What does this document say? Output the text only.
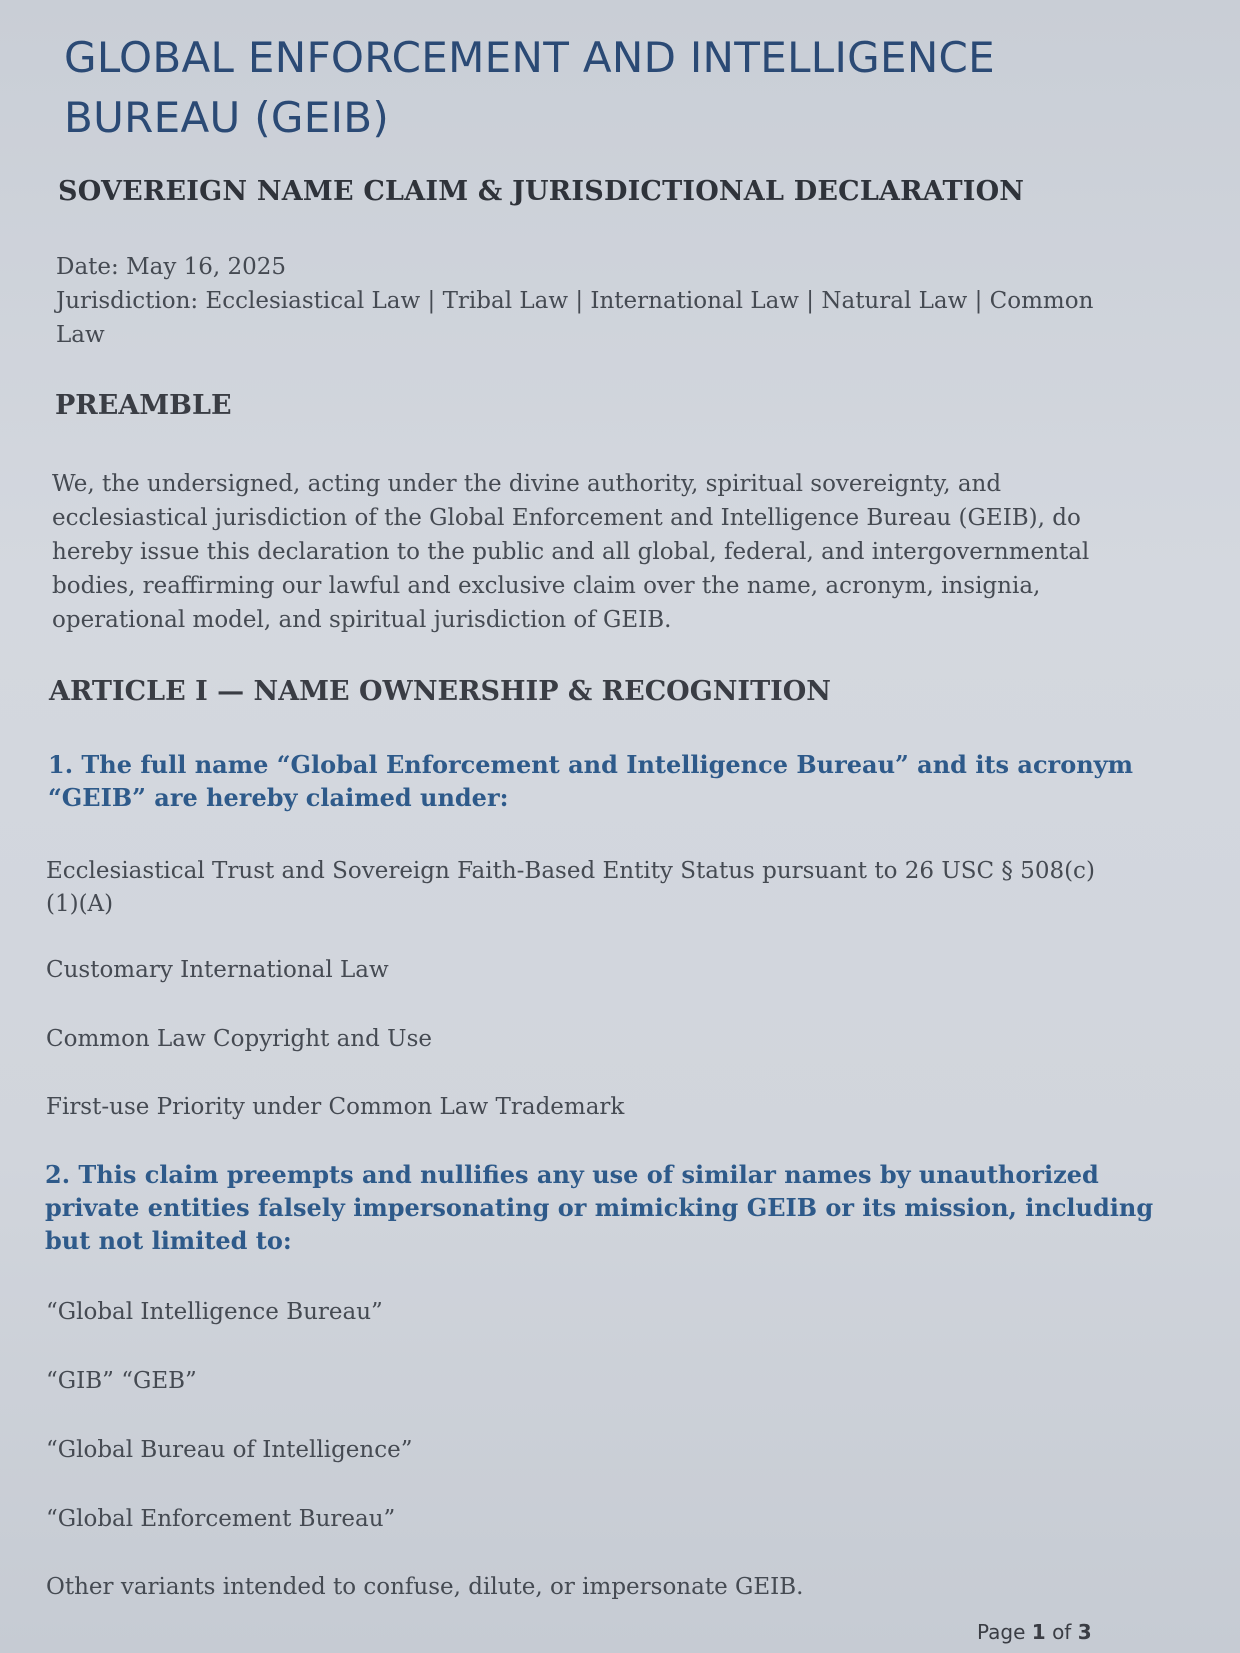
GLOBAL ENFORCEMENT AND INTELLIGENCE BUREAU (GEIB)
SOVEREIGN NAME CLAIM & JURISDICTIONAL DECLARATION
Date: May 16, 2025
Jurisdiction: Ecclesiastical Law | Tribal Law | International Law | Natural Law | Common Law
PREAMBLE

We, the undersigned, acting under the divine authority, spiritual sovereignty, and ecclesiastical jurisdiction of the Global Enforcement and Intelligence Bureau (GEIB), do hereby issue this declaration to the public and all global, federal, and intergovernmental bodies, reaffirming our lawful and exclusive claim over the name, acronym, insignia, operational model, and spiritual jurisdiction of GEIB.

ARTICLE I — NAME OWNERSHIP & RECOGNITION

1. The full name “Global Enforcement and Intelligence Bureau” and its acronym “GEIB” are hereby claimed under:

Ecclesiastical Trust and Sovereign Faith-Based Entity Status pursuant to 26 USC § 508(c)(1)(A)

Customary International Law

Common Law Copyright and Use

First-use Priority under Common Law Trademark

2. This claim preempts and nullifies any use of similar names by unauthorized private entities falsely impersonating or mimicking GEIB or its mission, including but not limited to:

“Global Intelligence Bureau”

“GIB” “GEB”

“Global Bureau of Intelligence”

“Global Enforcement Bureau”

Other variants intended to confuse, dilute, or impersonate GEIB.

Page 1 of 3
